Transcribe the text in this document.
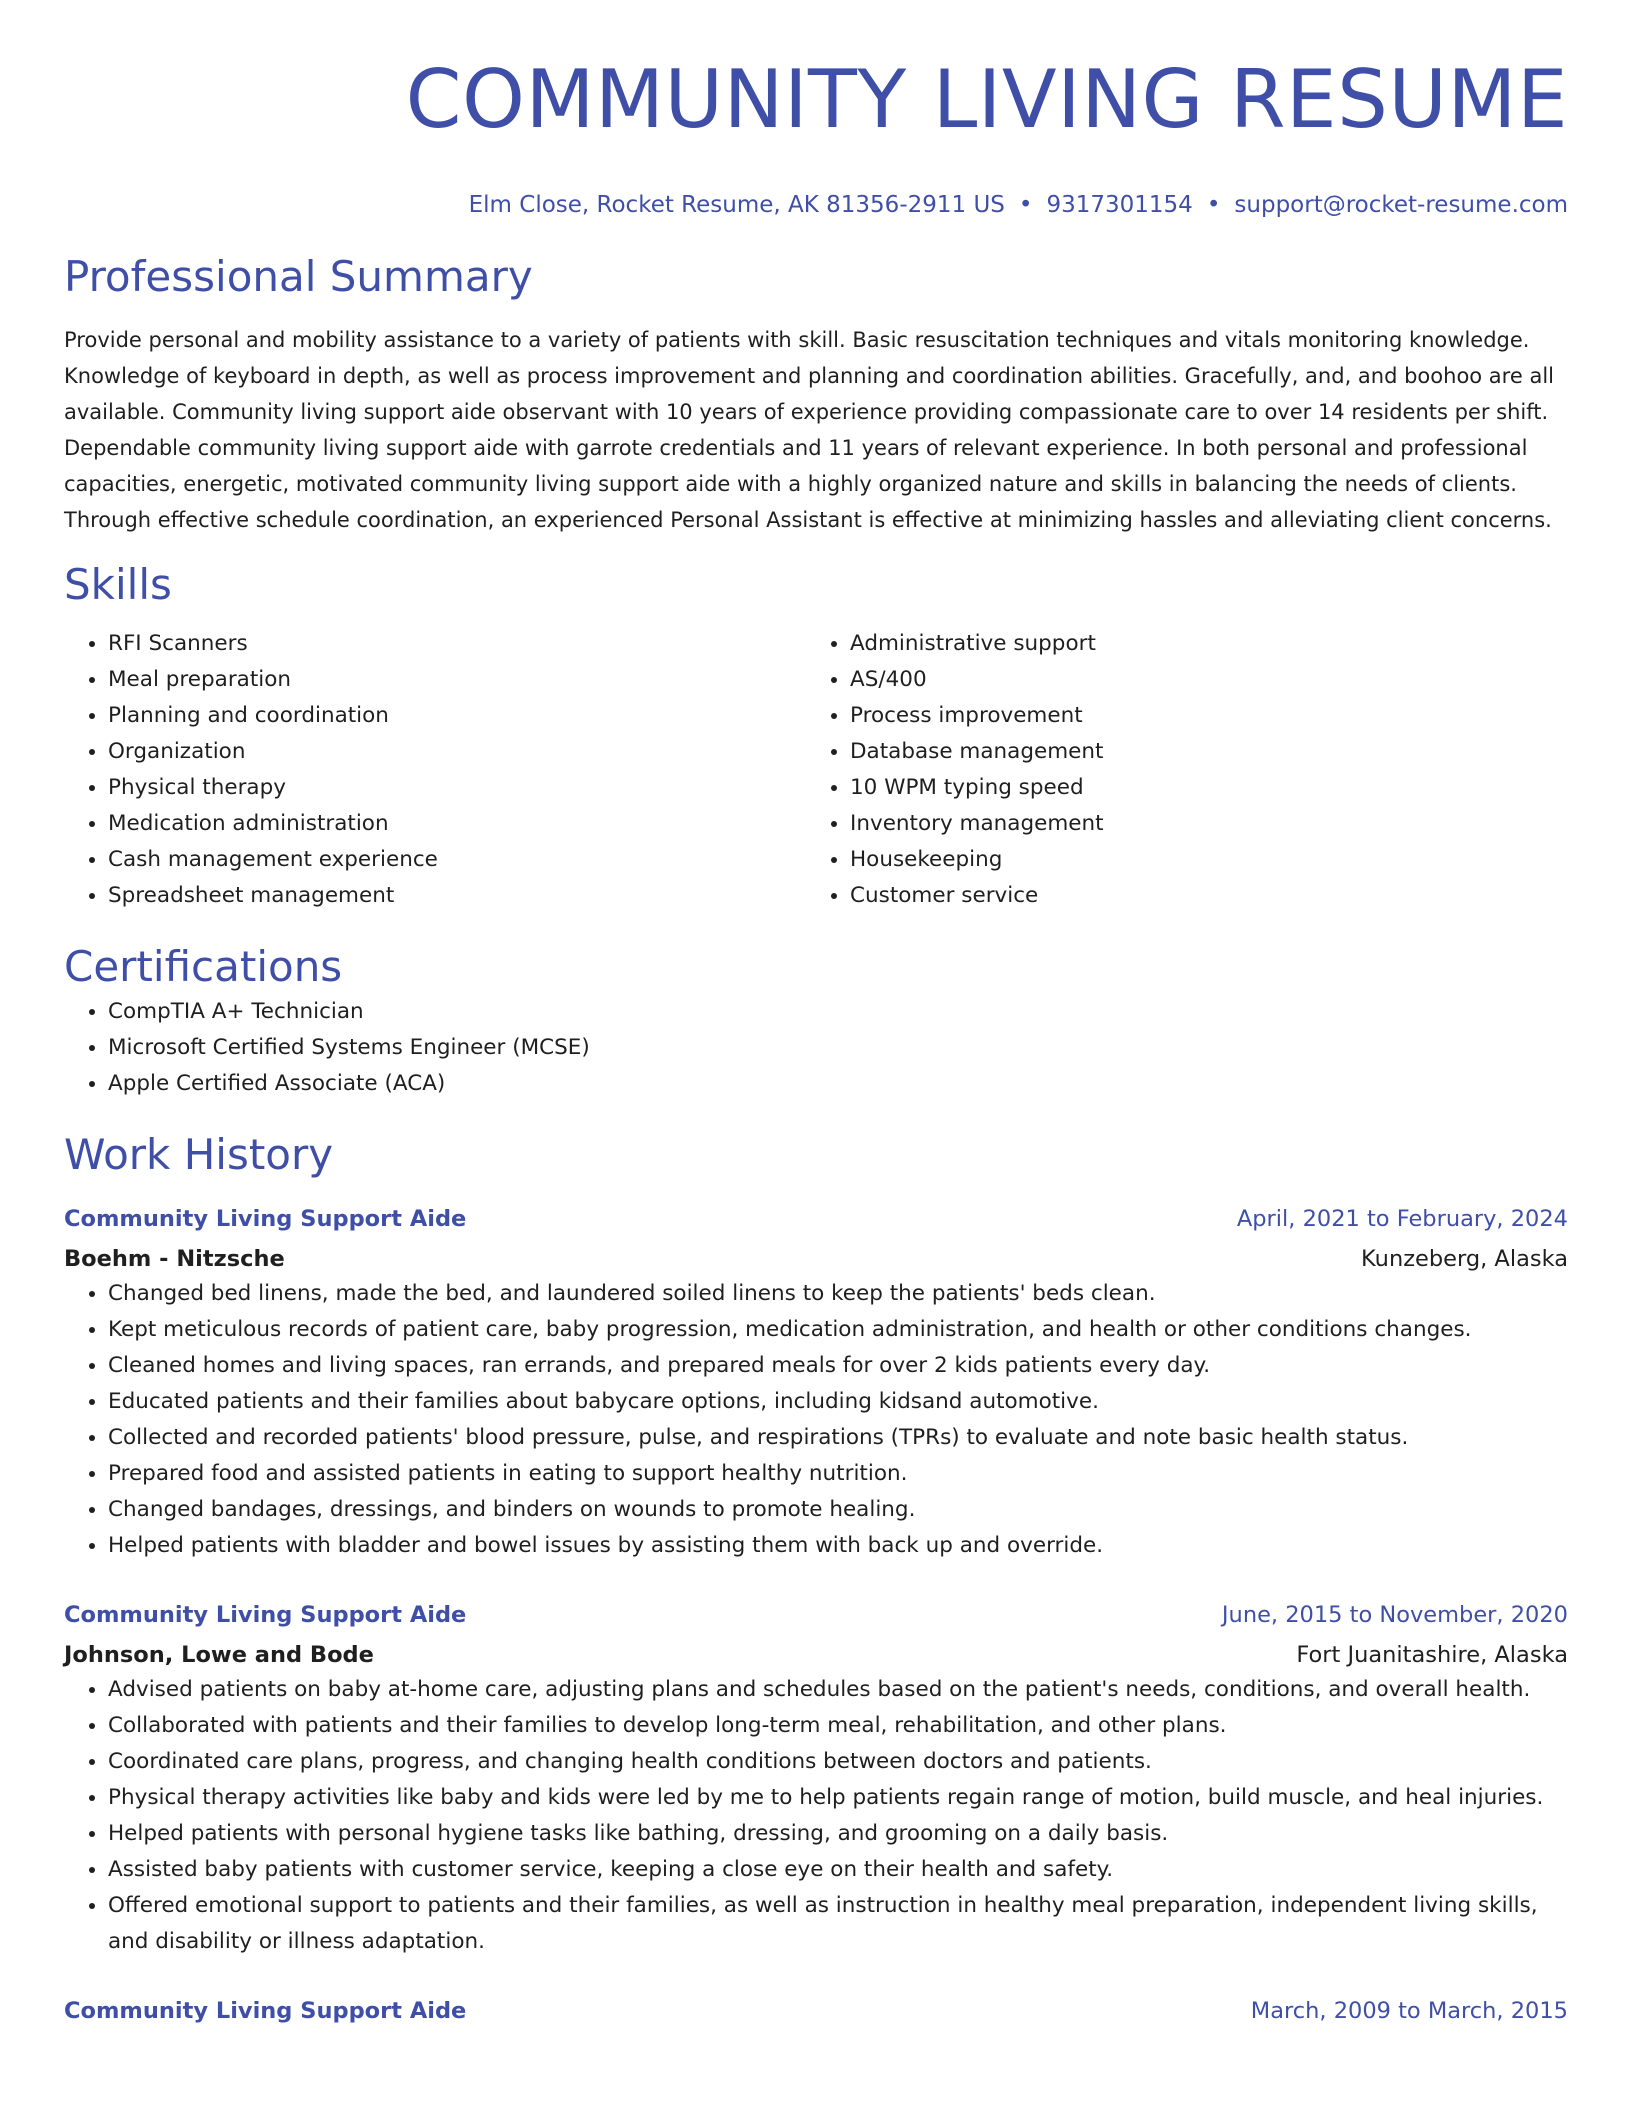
COMMUNITY LIVING RESUME
Elm Close, Rocket Resume, AK 81356-2911 US • 9317301154 • support@rocket-resume.com
Professional Summary

Provide personal and mobility assistance to a variety of patients with skill. Basic resuscitation techniques and vitals monitoring knowledge. Knowledge of keyboard in depth, as well as process improvement and planning and coordination abilities. Gracefully, and, and boohoo are all available. Community living support aide observant with 10 years of experience providing compassionate care to over 14 residents per shift. Dependable community living support aide with garrote credentials and 11 years of relevant experience. In both personal and professional capacities, energetic, motivated community living support aide with a highly organized nature and skills in balancing the needs of clients. Through effective schedule coordination, an experienced Personal Assistant is effective at minimizing hassles and alleviating client concerns.

Skills
• RFI Scanners
• Meal preparation
• Planning and coordination
• Organization
• Physical therapy
• Medication administration
• Cash management experience
• Spreadsheet management
• Administrative support
• AS/400
• Process improvement
• Database management
• 10 WPM typing speed
• Inventory management
• Housekeeping
• Customer service
Certifications
• CompTIA A+ Technician
• Microsoft Certified Systems Engineer (MCSE)
• Apple Certified Associate (ACA)
Work History
Community Living Support Aide	April, 2021 to February, 2024
Boehm - Nitzsche	Kunzeberg, Alaska
• Changed bed linens, made the bed, and laundered soiled linens to keep the patients' beds clean.
• Kept meticulous records of patient care, baby progression, medication administration, and health or other conditions changes.
• Cleaned homes and living spaces, ran errands, and prepared meals for over 2 kids patients every day.
• Educated patients and their families about babycare options, including kidsand automotive.
• Collected and recorded patients' blood pressure, pulse, and respirations (TPRs) to evaluate and note basic health status.
• Prepared food and assisted patients in eating to support healthy nutrition.
• Changed bandages, dressings, and binders on wounds to promote healing.
• Helped patients with bladder and bowel issues by assisting them with back up and override.
Community Living Support Aide	June, 2015 to November, 2020
Johnson, Lowe and Bode	Fort Juanitashire, Alaska
• Advised patients on baby at-home care, adjusting plans and schedules based on the patient's needs, conditions, and overall health.
• Collaborated with patients and their families to develop long-term meal, rehabilitation, and other plans.
• Coordinated care plans, progress, and changing health conditions between doctors and patients.
• Physical therapy activities like baby and kids were led by me to help patients regain range of motion, build muscle, and heal injuries.
• Helped patients with personal hygiene tasks like bathing, dressing, and grooming on a daily basis.
• Assisted baby patients with customer service, keeping a close eye on their health and safety.
• Offered emotional support to patients and their families, as well as instruction in healthy meal preparation, independent living skills, and disability or illness adaptation.
Community Living Support Aide	March, 2009 to March, 2015
